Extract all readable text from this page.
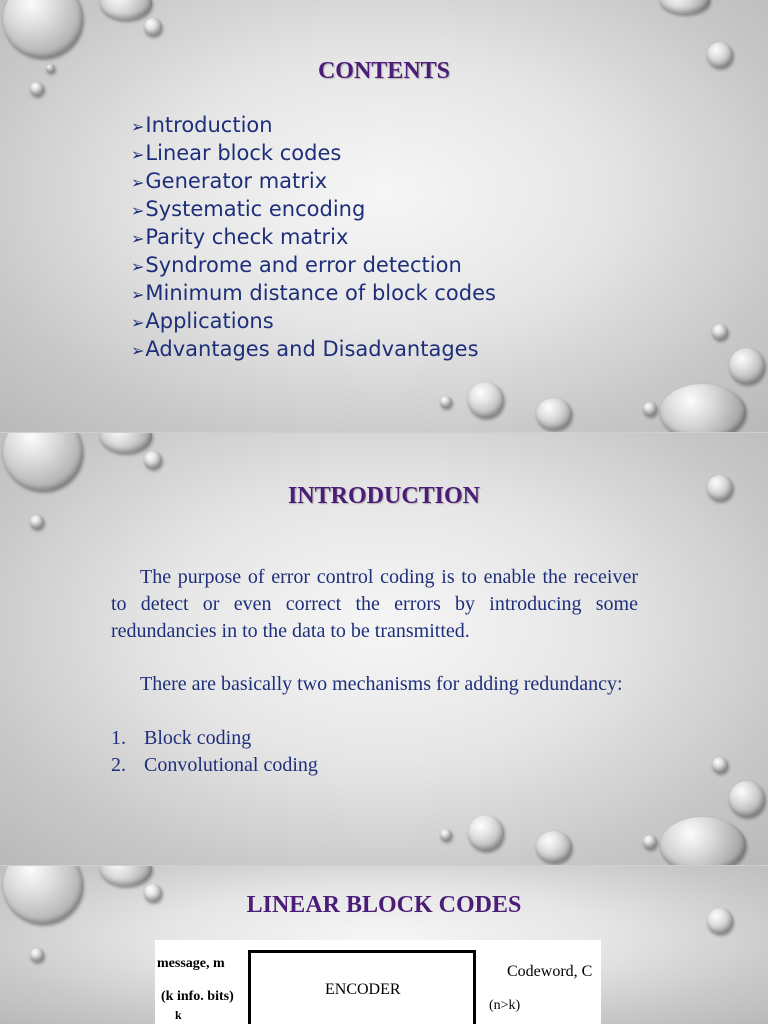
CONTENTS
➢Introduction
➢Linear block codes
➢Generator matrix
➢Systematic encoding
➢Parity check matrix
➢Syndrome and error detection
➢Minimum distance of block codes
➢Applications
➢Advantages and Disadvantages
INTRODUCTION

The purpose of error control coding is to enable the receiver to detect or even correct the errors by introducing some redundancies in to the data to be transmitted.

There are basically two mechanisms for adding redundancy:

1. Block coding
2. Convolutional coding
LINEAR BLOCK CODES
message, m
(k info. bits)
k
ENCODER
Codeword, C
(n>k)
